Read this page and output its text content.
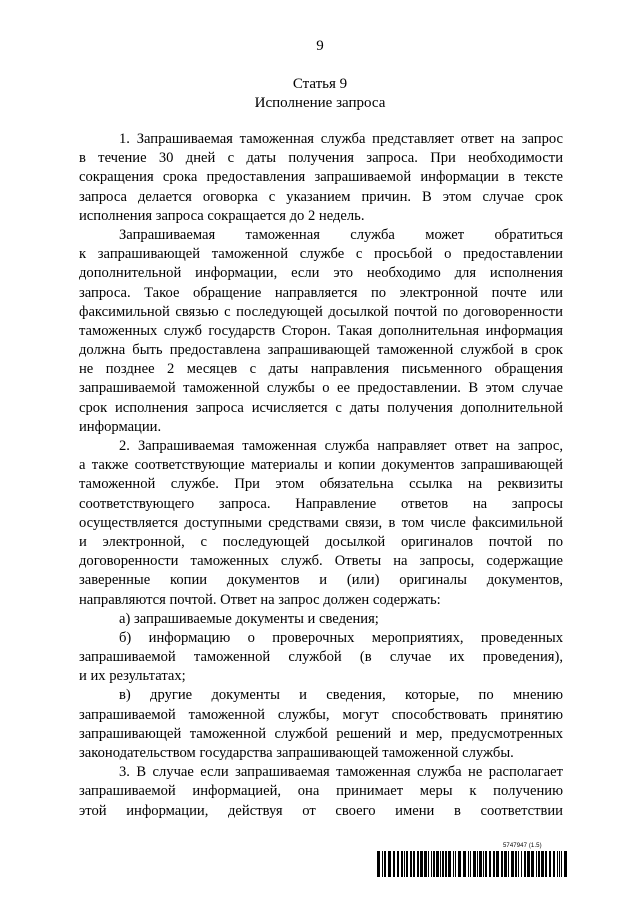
9
Статья 9
Исполнение запроса
1. Запрашиваемая таможенная служба представляет ответ на запрос
в течение 30 дней с даты получения запроса. При необходимости
сокращения срока предоставления запрашиваемой информации в тексте
запроса делается оговорка с указанием причин. В этом случае срок
исполнения запроса сокращается до 2 недель.
Запрашиваемая таможенная служба может обратиться
к запрашивающей таможенной службе с просьбой о предоставлении
дополнительной информации, если это необходимо для исполнения
запроса. Такое обращение направляется по электронной почте или
факсимильной связью с последующей досылкой почтой по договоренности
таможенных служб государств Сторон. Такая дополнительная информация
должна быть предоставлена запрашивающей таможенной службой в срок
не позднее 2 месяцев с даты направления письменного обращения
запрашиваемой таможенной службы о ее предоставлении. В этом случае
срок исполнения запроса исчисляется с даты получения дополнительной
информации.
2. Запрашиваемая таможенная служба направляет ответ на запрос,
а также соответствующие материалы и копии документов запрашивающей
таможенной службе. При этом обязательна ссылка на реквизиты
соответствующего запроса. Направление ответов на запросы
осуществляется доступными средствами связи, в том числе факсимильной
и электронной, с последующей досылкой оригиналов почтой по
договоренности таможенных служб. Ответы на запросы, содержащие
заверенные копии документов и (или) оригиналы документов,
направляются почтой. Ответ на запрос должен содержать:
а) запрашиваемые документы и сведения;
б) информацию о проверочных мероприятиях, проведенных
запрашиваемой таможенной службой (в случае их проведения),
и их результатах;
в) другие документы и сведения, которые, по мнению
запрашиваемой таможенной службы, могут способствовать принятию
запрашивающей таможенной службой решений и мер, предусмотренных
законодательством государства запрашивающей таможенной службы.
3. В случае если запрашиваемая таможенная служба не располагает
запрашиваемой информацией, она принимает меры к получению
этой информации, действуя от своего имени в соответствии
5747947 (1.5)
